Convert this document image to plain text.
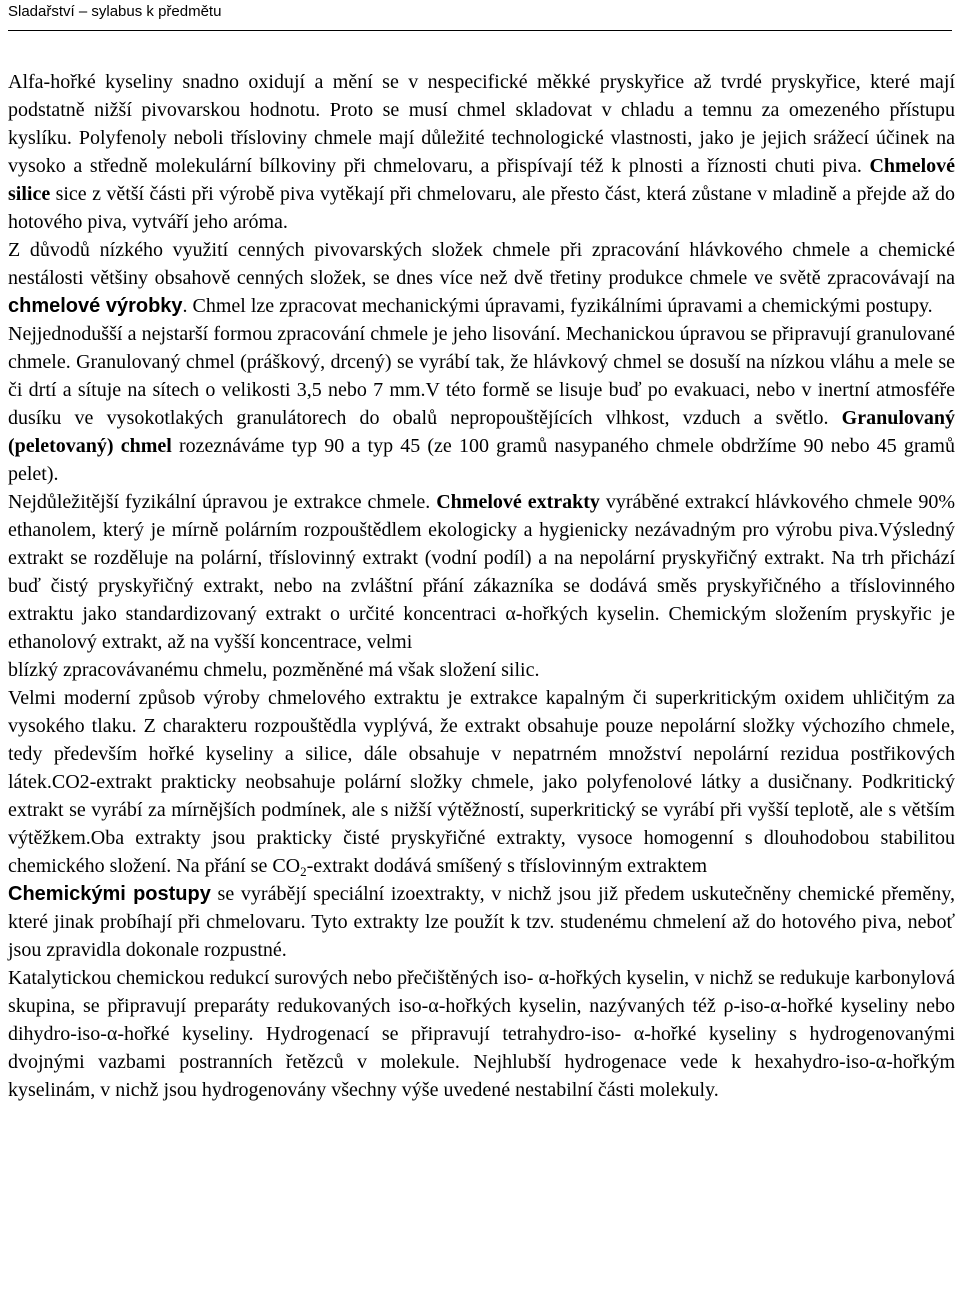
Sladařství – sylabus k předmětu

Alfa-hořké kyseliny snadno oxidují a mění se v nespecifické měkké pryskyřice až tvrdé pryskyřice, které mají podstatně nižší pivovarskou hodnotu. Proto se musí chmel skladovat v chladu a temnu za omezeného přístupu kyslíku. Polyfenoly neboli třísloviny chmele mají důležité technologické vlastnosti, jako je jejich srážecí účinek na vysoko a středně molekulární bílkoviny při chmelovaru, a přispívají též k plnosti a říznosti chuti piva. Chmelové silice sice z větší části při výrobě piva vytěkají při chmelovaru, ale přesto část, která zůstane v mladině a přejde až do hotového piva, vytváří jeho aróma.

Z důvodů nízkého využití cenných pivovarských složek chmele při zpracování hlávkového chmele a chemické nestálosti většiny obsahově cenných složek, se dnes více než dvě třetiny produkce chmele ve světě zpracovávají na chmelové výrobky. Chmel lze zpracovat mechanickými úpravami, fyzikálními úpravami a chemickými postupy.

Nejjednodušší a nejstarší formou zpracování chmele je jeho lisování. Mechanickou úpravou se připravují granulované chmele. Granulovaný chmel (práškový, drcený) se vyrábí tak, že hlávkový chmel se dosuší na nízkou vláhu a mele se či drtí a sítuje na sítech o velikosti 3,5 nebo 7 mm.V této formě se lisuje buď po evakuaci, nebo v inertní atmosféře dusíku ve vysokotlakých granulátorech do obalů nepropouštějících vlhkost, vzduch a světlo. Granulovaný (peletovaný) chmel rozeznáváme typ 90 a typ 45 (ze 100 gramů nasypaného chmele obdržíme 90 nebo 45 gramů pelet).

Nejdůležitější fyzikální úpravou je extrakce chmele. Chmelové extrakty vyráběné extrakcí hlávkového chmele 90% ethanolem, který je mírně polárním rozpouštědlem ekologicky a hygienicky nezávadným pro výrobu piva.Výsledný extrakt se rozděluje na polární, tříslovinný extrakt (vodní podíl) a na nepolární pryskyřičný extrakt. Na trh přichází buď čistý pryskyřičný extrakt, nebo na zvláštní přání zákazníka se dodává směs pryskyřičného a tříslovinného extraktu jako standardizovaný extrakt o určité koncentraci α-hořkých kyselin. Chemickým složením pryskyřic je ethanolový extrakt, až na vyšší koncentrace, velmi

blízký zpracovávanému chmelu, pozměněné má však složení silic.

Velmi moderní způsob výroby chmelového extraktu je extrakce kapalným či superkritickým oxidem uhličitým za vysokého tlaku. Z charakteru rozpouštědla vyplývá, že extrakt obsahuje pouze nepolární složky výchozího chmele, tedy především hořké kyseliny a silice, dále obsahuje v nepatrném množství nepolární rezidua postřikových látek.CO2-extrakt prakticky neobsahuje polární složky chmele, jako polyfenolové látky a dusičnany. Podkritický extrakt se vyrábí za mírnějších podmínek, ale s nižší výtěžností, superkritický se vyrábí při vyšší teplotě, ale s větším výtěžkem.Oba extrakty jsou prakticky čisté pryskyřičné extrakty, vysoce homogenní s dlouhodobou stabilitou chemického složení. Na přání se $CO_2$-extrakt dodává smíšený s tříslovinným extraktem

Chemickými postupy se vyrábějí speciální izoextrakty, v nichž jsou již předem uskutečněny chemické přeměny, které jinak probíhají při chmelovaru. Tyto extrakty lze použít k tzv. studenému chmelení až do hotového piva, neboť jsou zpravidla dokonale rozpustné.

Katalytickou chemickou redukcí surových nebo přečištěných iso- α-hořkých kyselin, v nichž se redukuje karbonylová skupina, se připravují preparáty redukovaných iso-α-hořkých kyselin, nazývaných též ρ-iso-α-hořké kyseliny nebo dihydro-iso-α-hořké kyseliny. Hydrogenací se připravují tetrahydro-iso- α-hořké kyseliny s hydrogenovanými dvojnými vazbami postranních řetězců v molekule. Nejhlubší hydrogenace vede k hexahydro-iso-α-hořkým kyselinám, v nichž jsou hydrogenovány všechny výše uvedené nestabilní části molekuly.
